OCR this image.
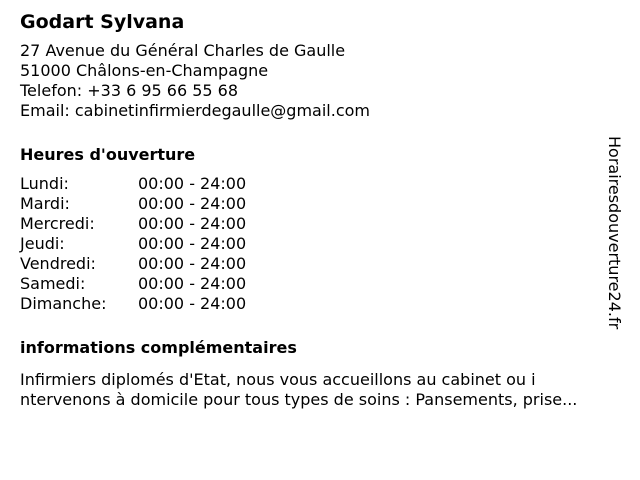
Godart Sylvana
27 Avenue du Général Charles de Gaulle
51000 Châlons-en-Champagne
Telefon: +33 6 95 66 55 68
Email: cabinetinfirmierdegaulle@gmail.com
Heures d'ouverture
Lundi:	00:00 - 24:00
Mardi:	00:00 - 24:00
Mercredi:	00:00 - 24:00
Jeudi:	00:00 - 24:00
Vendredi:	00:00 - 24:00
Samedi:	00:00 - 24:00
Dimanche:	00:00 - 24:00
informations complémentaires
Infirmiers diplomés d'Etat, nous vous accueillons au cabinet ou i
ntervenons à domicile pour tous types de soins : Pansements, prise...
Horairesdouverture24.fr
